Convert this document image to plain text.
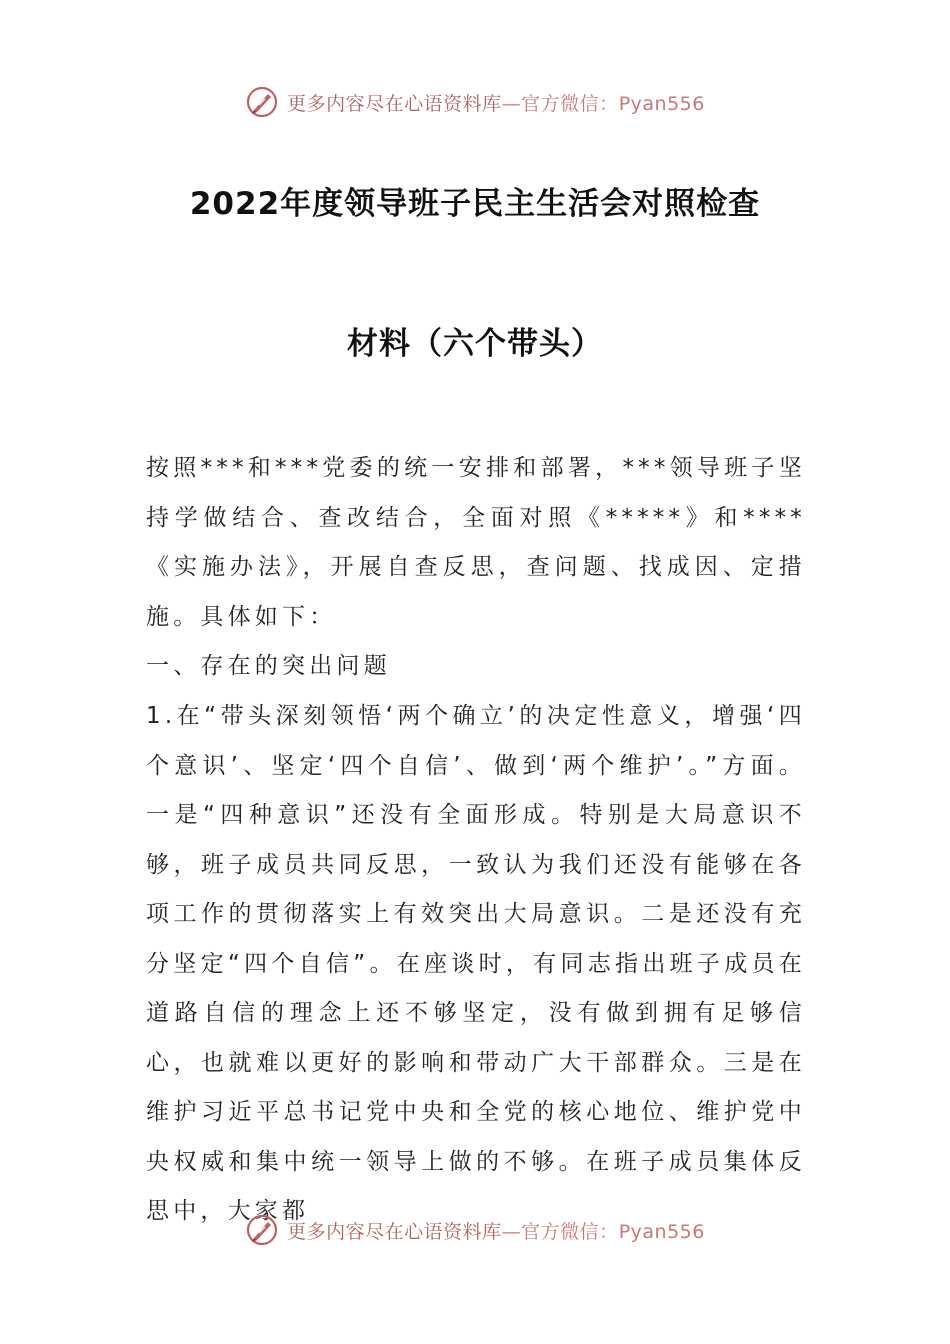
更多内容尽在心语资料库—官方微信：Pyan556
2022年度领导班子民主生活会对照检查
材料（六个带头）
按照***和***党委的统一安排和部署，***领导班子坚持学做结合、查改结合，全面对照《*****》和****《实施办法》，开展自查反思，查问题、找成因、定措施。具体如下：
一、存在的突出问题
1.在“带头深刻领悟‘两个确立’的决定性意义，增强‘四个意识’、坚定‘四个自信’、做到‘两个维护’。”方面。一是“四种意识”还没有全面形成。特别是大局意识不够，班子成员共同反思，一致认为我们还没有能够在各项工作的贯彻落实上有效突出大局意识。二是还没有充分坚定“四个自信”。在座谈时，有同志指出班子成员在道路自信的理念上还不够坚定，没有做到拥有足够信心，也就难以更好的影响和带动广大干部群众。三是在维护习近平总书记党中央和全党的核心地位、维护党中央权威和集中统一领导上做的不够。在班子成员集体反思中，大家都
更多内容尽在心语资料库—官方微信：Pyan556
